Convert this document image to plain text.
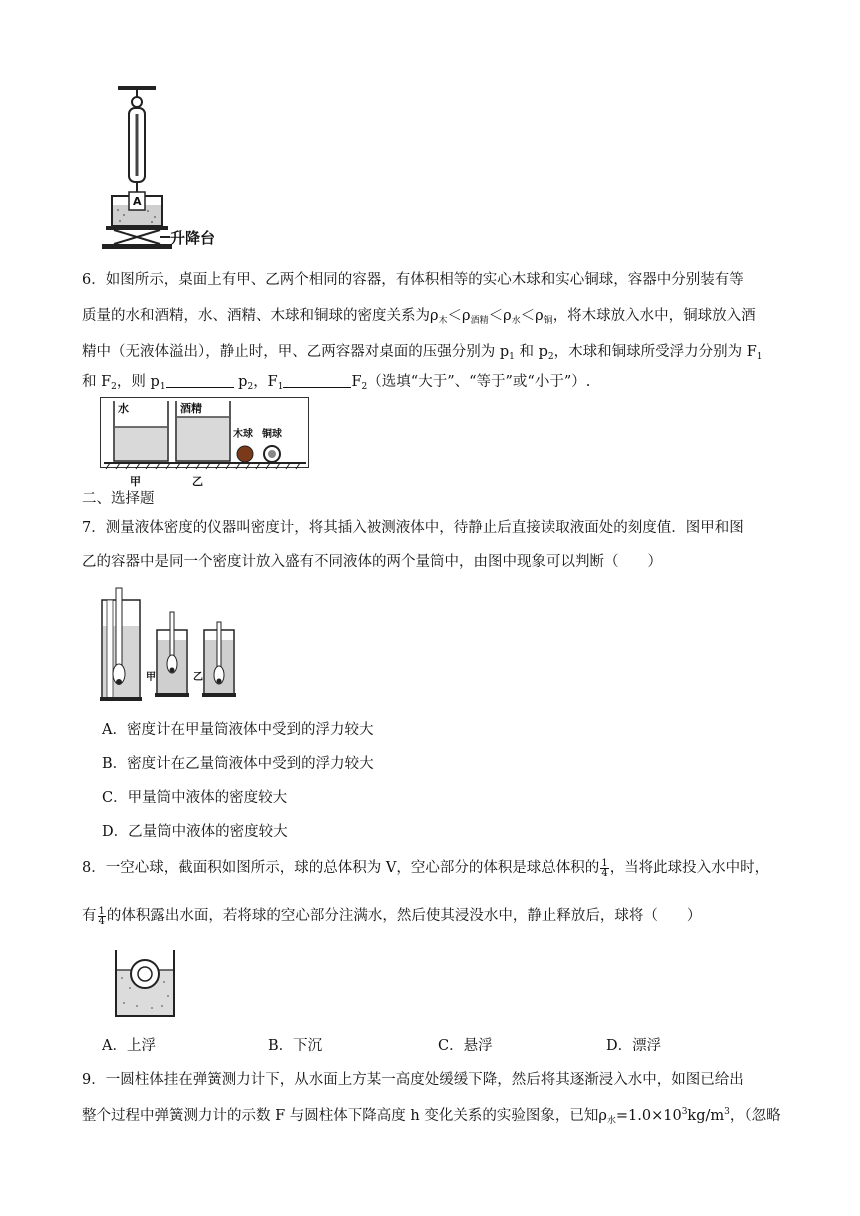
A
升降台
6．如图所示，桌面上有甲、乙两个相同的容器，有体积相等的实心木球和实心铜球，容器中分别装有等
质量的水和酒精，水、酒精、木球和铜球的密度关系为$\rho_木<\rho_{酒精}<\rho_水<\rho_铜$，将木球放入水中，铜球放入酒
精中（无液体溢出），静止时，甲、乙两容器对桌面的压强分别为 $p_1$ 和 $p_2$，木球和铜球所受浮力分别为 $F_1$
和 $F_2$，则 $p_1$	$p_2$，$F_1$	$F_2$（选填“大于”、“等于”或“小于”）.
水	酒精
木球 铜球
甲	乙
二、选择题
7．测量液体密度的仪器叫密度计，将其插入被测液体中，待静止后直接读取液面处的刻度值．图甲和图
乙的容器中是同一个密度计放入盛有不同液体的两个量筒中，由图中现象可以判断（　　）
甲	乙
A．密度计在甲量筒液体中受到的浮力较大
B．密度计在乙量筒液体中受到的浮力较大
C．甲量筒中液体的密度较大
D．乙量筒中液体的密度较大
8．一空心球，截面积如图所示，球的总体积为 V，空心部分的体积是球总体积的 $\frac{1}{4}$ ，当将此球投入水中时，
有 $\frac{1}{4}$ 的体积露出水面，若将球的空心部分注满水，然后使其浸没水中，静止释放后，球将（　　）
A．上浮	B．下沉	C．悬浮	D．漂浮
9．一圆柱体挂在弹簧测力计下，从水面上方某一高度处缓缓下降，然后将其逐渐浸入水中，如图已给出
整个过程中弹簧测力计的示数 F 与圆柱体下降高度 h 变化关系的实验图象，已知$\rho_水=1.0\times 10^3kg/m^3$，（忽略
